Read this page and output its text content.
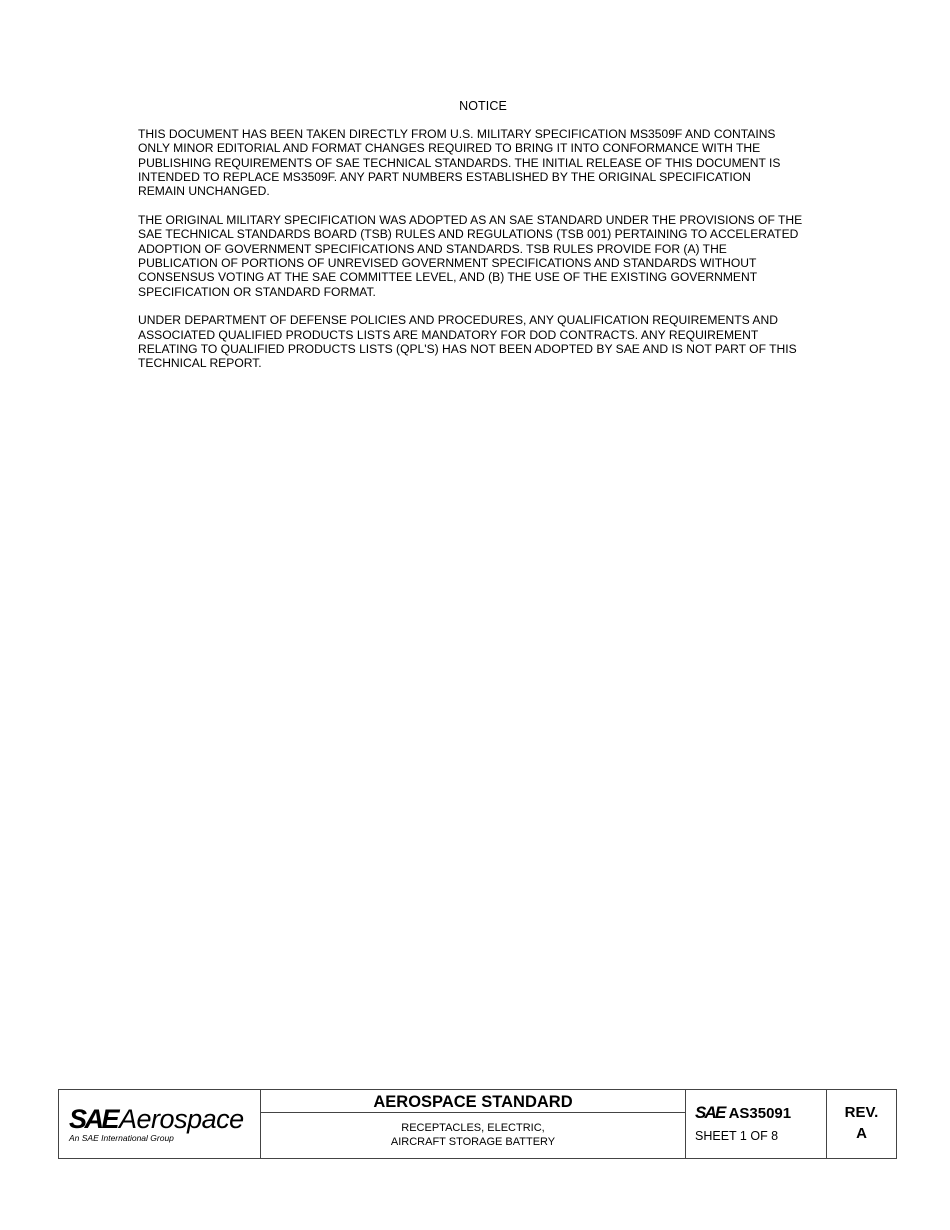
NOTICE

THIS DOCUMENT HAS BEEN TAKEN DIRECTLY FROM U.S. MILITARY SPECIFICATION MS3509F AND CONTAINS
ONLY MINOR EDITORIAL AND FORMAT CHANGES REQUIRED TO BRING IT INTO CONFORMANCE WITH THE
PUBLISHING REQUIREMENTS OF SAE TECHNICAL STANDARDS. THE INITIAL RELEASE OF THIS DOCUMENT IS
INTENDED TO REPLACE MS3509F. ANY PART NUMBERS ESTABLISHED BY THE ORIGINAL SPECIFICATION
REMAIN UNCHANGED.

THE ORIGINAL MILITARY SPECIFICATION WAS ADOPTED AS AN SAE STANDARD UNDER THE PROVISIONS OF THE
SAE TECHNICAL STANDARDS BOARD (TSB) RULES AND REGULATIONS (TSB 001) PERTAINING TO ACCELERATED
ADOPTION OF GOVERNMENT SPECIFICATIONS AND STANDARDS. TSB RULES PROVIDE FOR (A) THE
PUBLICATION OF PORTIONS OF UNREVISED GOVERNMENT SPECIFICATIONS AND STANDARDS WITHOUT
CONSENSUS VOTING AT THE SAE COMMITTEE LEVEL, AND (B) THE USE OF THE EXISTING GOVERNMENT
SPECIFICATION OR STANDARD FORMAT.

UNDER DEPARTMENT OF DEFENSE POLICIES AND PROCEDURES, ANY QUALIFICATION REQUIREMENTS AND
ASSOCIATED QUALIFIED PRODUCTS LISTS ARE MANDATORY FOR DOD CONTRACTS. ANY REQUIREMENT
RELATING TO QUALIFIED PRODUCTS LISTS (QPL'S) HAS NOT BEEN ADOPTED BY SAE AND IS NOT PART OF THIS
TECHNICAL REPORT.

SAEAerospace
An SAE International Group
AEROSPACE STANDARD
RECEPTACLES, ELECTRIC,
AIRCRAFT STORAGE BATTERY
SAE AS35091
SHEET 1 OF 8
REV.
A
